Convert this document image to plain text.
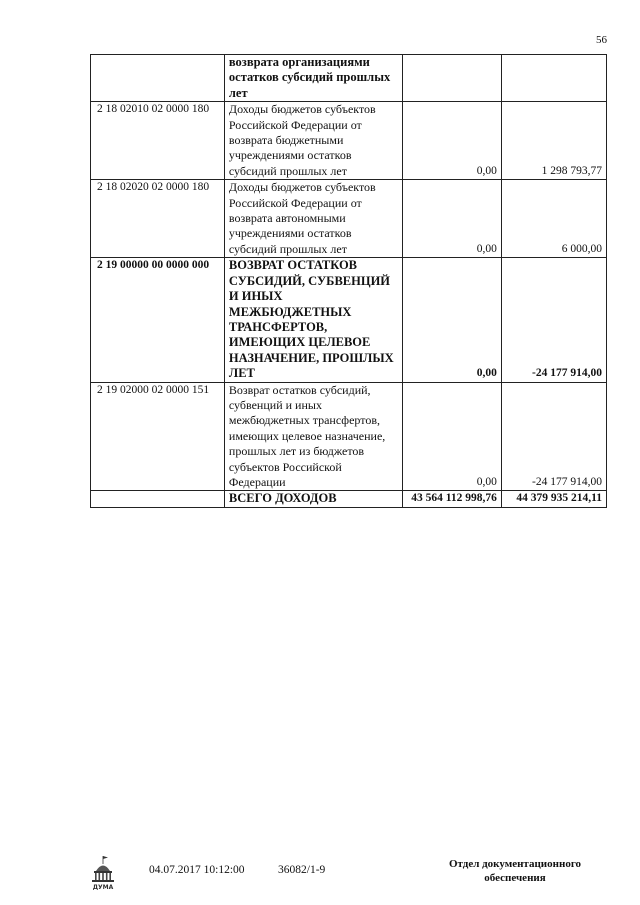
56
	возврата организациями остатков субсидий прошлых лет		
2 18 02010 02 0000 180	Доходы бюджетов субъектов Российской Федерации от возврата бюджетными учреждениями остатков субсидий прошлых лет	0,00	1 298 793,77
2 18 02020 02 0000 180	Доходы бюджетов субъектов Российской Федерации от возврата автономными учреждениями остатков субсидий прошлых лет	0,00	6 000,00
2 19 00000 00 0000 000	ВОЗВРАТ ОСТАТКОВ СУБСИДИЙ, СУБВЕНЦИЙ И ИНЫХ МЕЖБЮДЖЕТНЫХ ТРАНСФЕРТОВ, ИМЕЮЩИХ ЦЕЛЕВОЕ НАЗНАЧЕНИЕ, ПРОШЛЫХ ЛЕТ	0,00	-24 177 914,00
2 19 02000 02 0000 151	Возврат остатков субсидий, субвенций и иных межбюджетных трансфертов, имеющих целевое назначение, прошлых лет из бюджетов субъектов Российской Федерации	0,00	-24 177 914,00
	ВСЕГО ДОХОДОВ	43 564 112 998,76	44 379 935 214,11
ДУМА
04.07.2017 10:12:00	36082/1-9	Отдел документационного
обеспечения
